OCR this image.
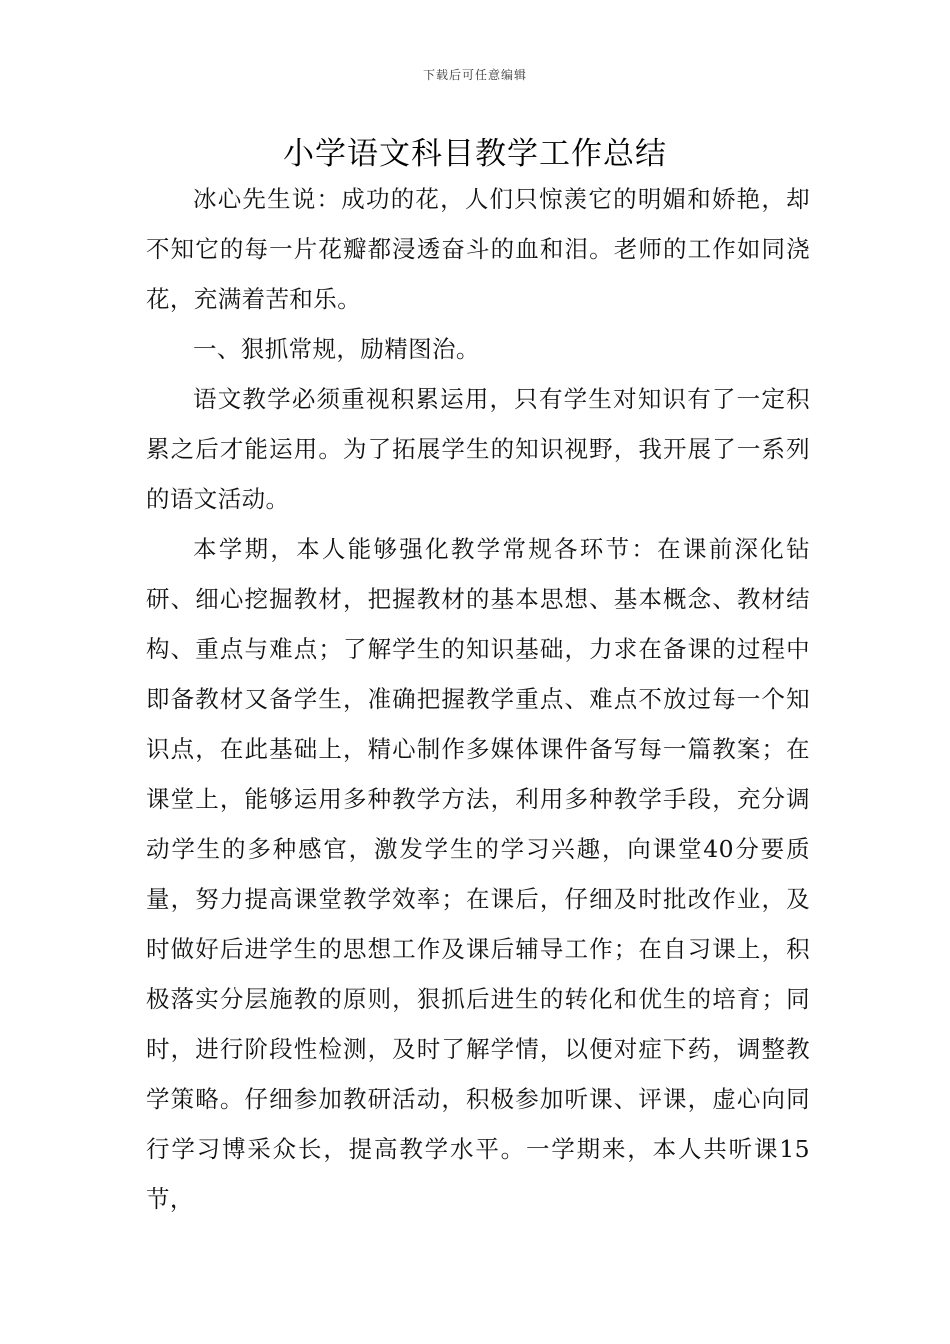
下载后可任意编辑
小学语文科目教学工作总结

冰心先生说：成功的花，人们只惊羡它的明媚和娇艳，却不知它的每一片花瓣都浸透奋斗的血和泪。老师的工作如同浇花，充满着苦和乐。

一、狠抓常规，励精图治。

语文教学必须重视积累运用，只有学生对知识有了一定积累之后才能运用。为了拓展学生的知识视野，我开展了一系列的语文活动。

本学期，本人能够强化教学常规各环节：在课前深化钻研、细心挖掘教材，把握教材的基本思想、基本概念、教材结构、重点与难点；了解学生的知识基础，力求在备课的过程中即备教材又备学生，准确把握教学重点、难点不放过每一个知识点，在此基础上，精心制作多媒体课件备写每一篇教案；在课堂上，能够运用多种教学方法，利用多种教学手段，充分调动学生的多种感官，激发学生的学习兴趣，向课堂40分要质量，努力提高课堂教学效率；在课后，仔细及时批改作业，及时做好后进学生的思想工作及课后辅导工作；在自习课上，积极落实分层施教的原则，狠抓后进生的转化和优生的培育；同时，进行阶段性检测，及时了解学情，以便对症下药，调整教学策略。仔细参加教研活动，积极参加听课、评课，虚心向同行学习博采众长，提高教学水平。一学期来，本人共听课15节，
